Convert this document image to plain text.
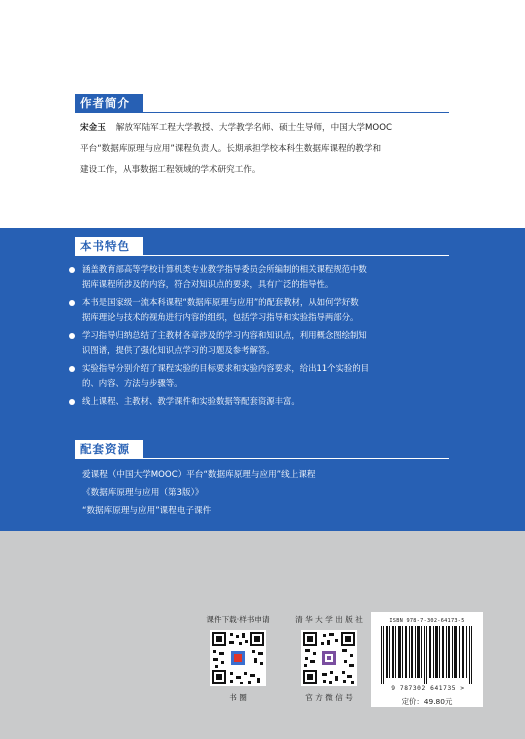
作者简介
宋金玉 解放军陆军工程大学教授、大学教学名师、硕士生导师，中国大学MOOC
平台“数据库原理与应用”课程负责人。长期承担学校本科生数据库课程的教学和
建设工作，从事数据工程领域的学术研究工作。
本书特色
涵盖教育部高等学校计算机类专业教学指导委员会所编制的相关课程规范中数
据库课程所涉及的内容，符合对知识点的要求，具有广泛的指导性。
本书是国家级一流本科课程“数据库原理与应用”的配套教材，从如何学好数
据库理论与技术的视角进行内容的组织，包括学习指导和实验指导两部分。
学习指导归纳总结了主教材各章涉及的学习内容和知识点，利用概念图绘制知
识图谱，提供了强化知识点学习的习题及参考解答。
实验指导分别介绍了课程实验的目标要求和实验内容要求，给出11个实验的目
的、内容、方法与步骤等。
线上课程、主教材、教学课件和实验数据等配套资源丰富。
配套资源
爱课程（中国大学MOOC）平台“数据库原理与应用”线上课程
《数据库原理与应用（第3版）》
“数据库原理与应用”课程电子课件
课件下载·样书申请
书 圈
清 华 大 学 出 版 社
官 方 微 信 号
ISBN 978-7-302-64173-5
9 787302 641735 >
定价：49.80元
